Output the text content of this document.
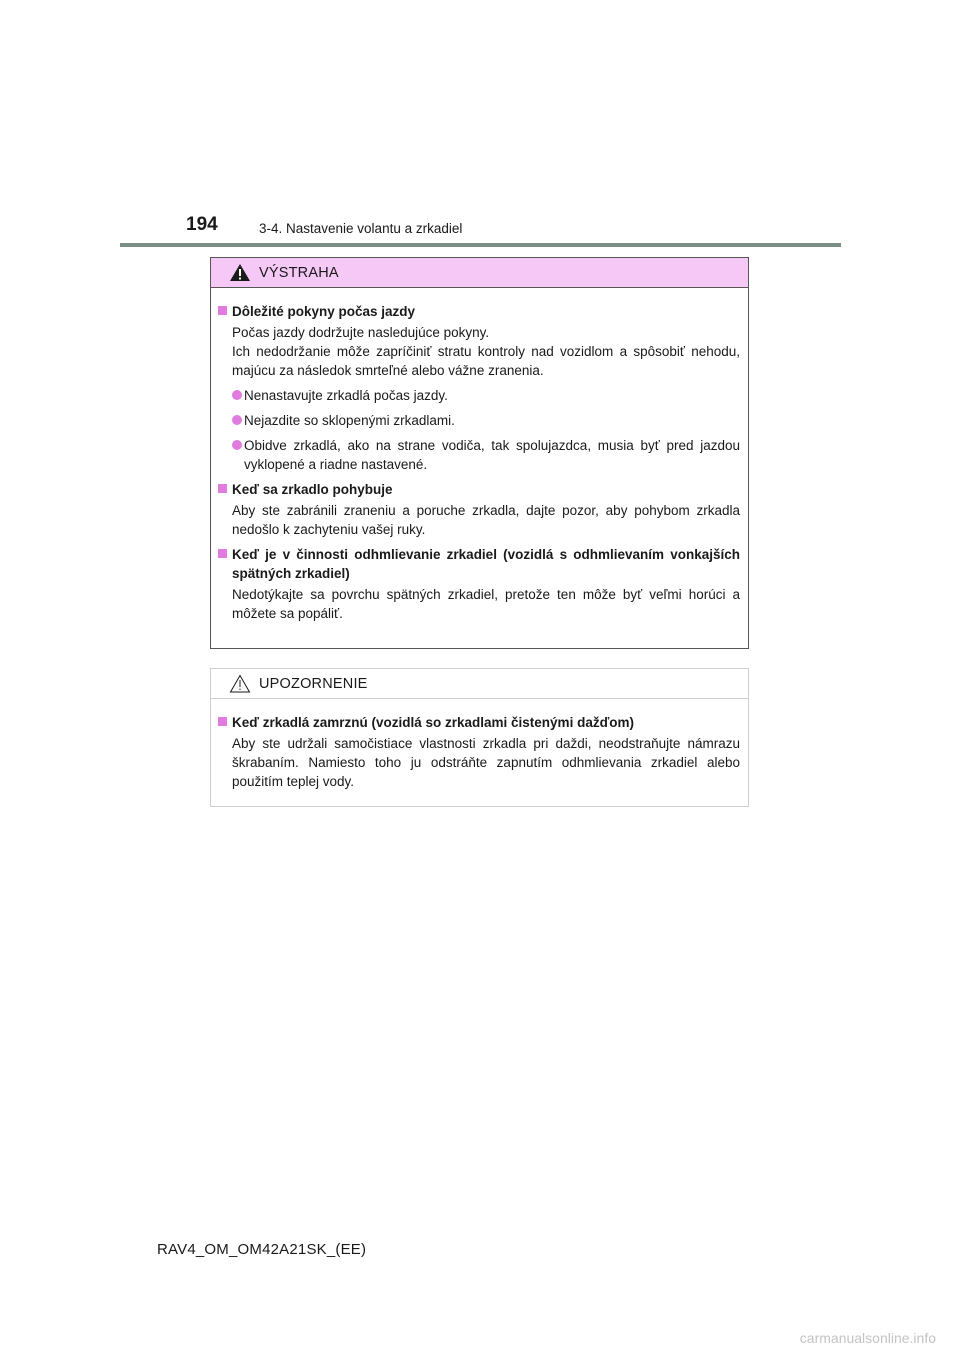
194	3-4. Nastavenie volantu a zrkadiel
VÝSTRAHA
Dôležité pokyny počas jazdy
Počas jazdy dodržujte nasledujúce pokyny.
Ich nedodržanie môže zapríčiniť stratu kontroly nad vozidlom a spôsobiť nehodu, majúcu za následok smrteľné alebo vážne zranenia.
Nenastavujte zrkadlá počas jazdy.
Nejazdite so sklopenými zrkadlami.
Obidve zrkadlá, ako na strane vodiča, tak spolujazdca, musia byť pred jazdou vyklopené a riadne nastavené.
Keď sa zrkadlo pohybuje
Aby ste zabránili zraneniu a poruche zrkadla, dajte pozor, aby pohybom zrkadla nedošlo k zachyteniu vašej ruky.
Keď je v činnosti odhmlievanie zrkadiel (vozidlá s odhmlievaním vonkajších spätných zrkadiel)
Nedotýkajte sa povrchu spätných zrkadiel, pretože ten môže byť veľmi horúci a môžete sa popáliť.
UPOZORNENIE
Keď zrkadlá zamrznú (vozidlá so zrkadlami čistenými dažďom)
Aby ste udržali samočistiace vlastnosti zrkadla pri daždi, neodstraňujte námrazu škrabaním. Namiesto toho ju odstráňte zapnutím odhmlievania zrkadiel alebo použitím teplej vody.
RAV4_OM_OM42A21SK_(EE)
carmanualsonline.info
